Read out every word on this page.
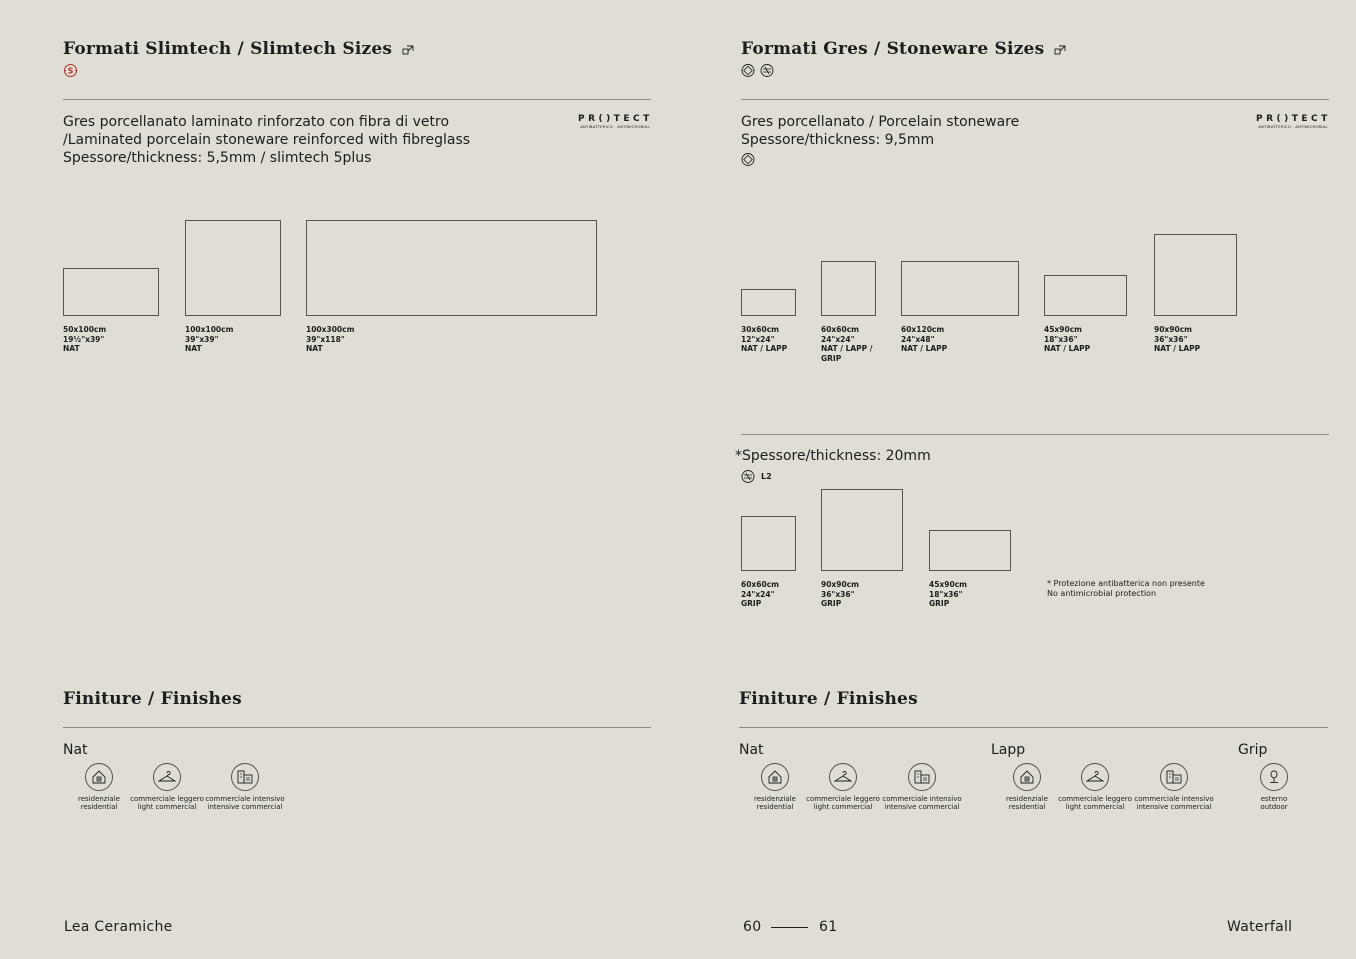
Formati Slimtech / Slimtech Sizes
S
Gres porcellanato laminato rinforzato con fibra di vetro
/Laminated porcelain stoneware reinforced with fibreglass
Spessore/thickness: 5,5mm / slimtech 5plus
PR()TECT
ANTIBATTERICO · ANTIMICROBIAL
50x100cm
19½"x39"
NAT
100x100cm
39"x39"
NAT
100x300cm
39"x118"
NAT
Finiture / Finishes
Nat
residenziale
residential
commerciale leggero
light commercial
commerciale intensivo
intensive commercial
Formati Gres / Stoneware Sizes
Gres porcellanato / Porcelain stoneware
Spessore/thickness: 9,5mm
PR()TECT
ANTIBATTERICO · ANTIMICROBIAL
30x60cm
12"x24"
NAT / LAPP
60x60cm
24"x24"
NAT / LAPP /
GRIP
60x120cm
24"x48"
NAT / LAPP
45x90cm
18"x36"
NAT / LAPP
90x90cm
36"x36"
NAT / LAPP
*Spessore/thickness: 20mm
L2
60x60cm
24"x24"
GRIP
90x90cm
36"x36"
GRIP
45x90cm
18"x36"
GRIP
* Protezione antibatterica non presente
No antimicrobial protection
Finiture / Finishes
Nat	Lapp	Grip
residenziale
residential
commerciale leggero
light commercial
commerciale intensivo
intensive commercial
residenziale
residential
commerciale leggero
light commercial
commerciale intensivo
intensive commercial
esterno
outdoor
Lea Ceramiche	60	61	Waterfall
